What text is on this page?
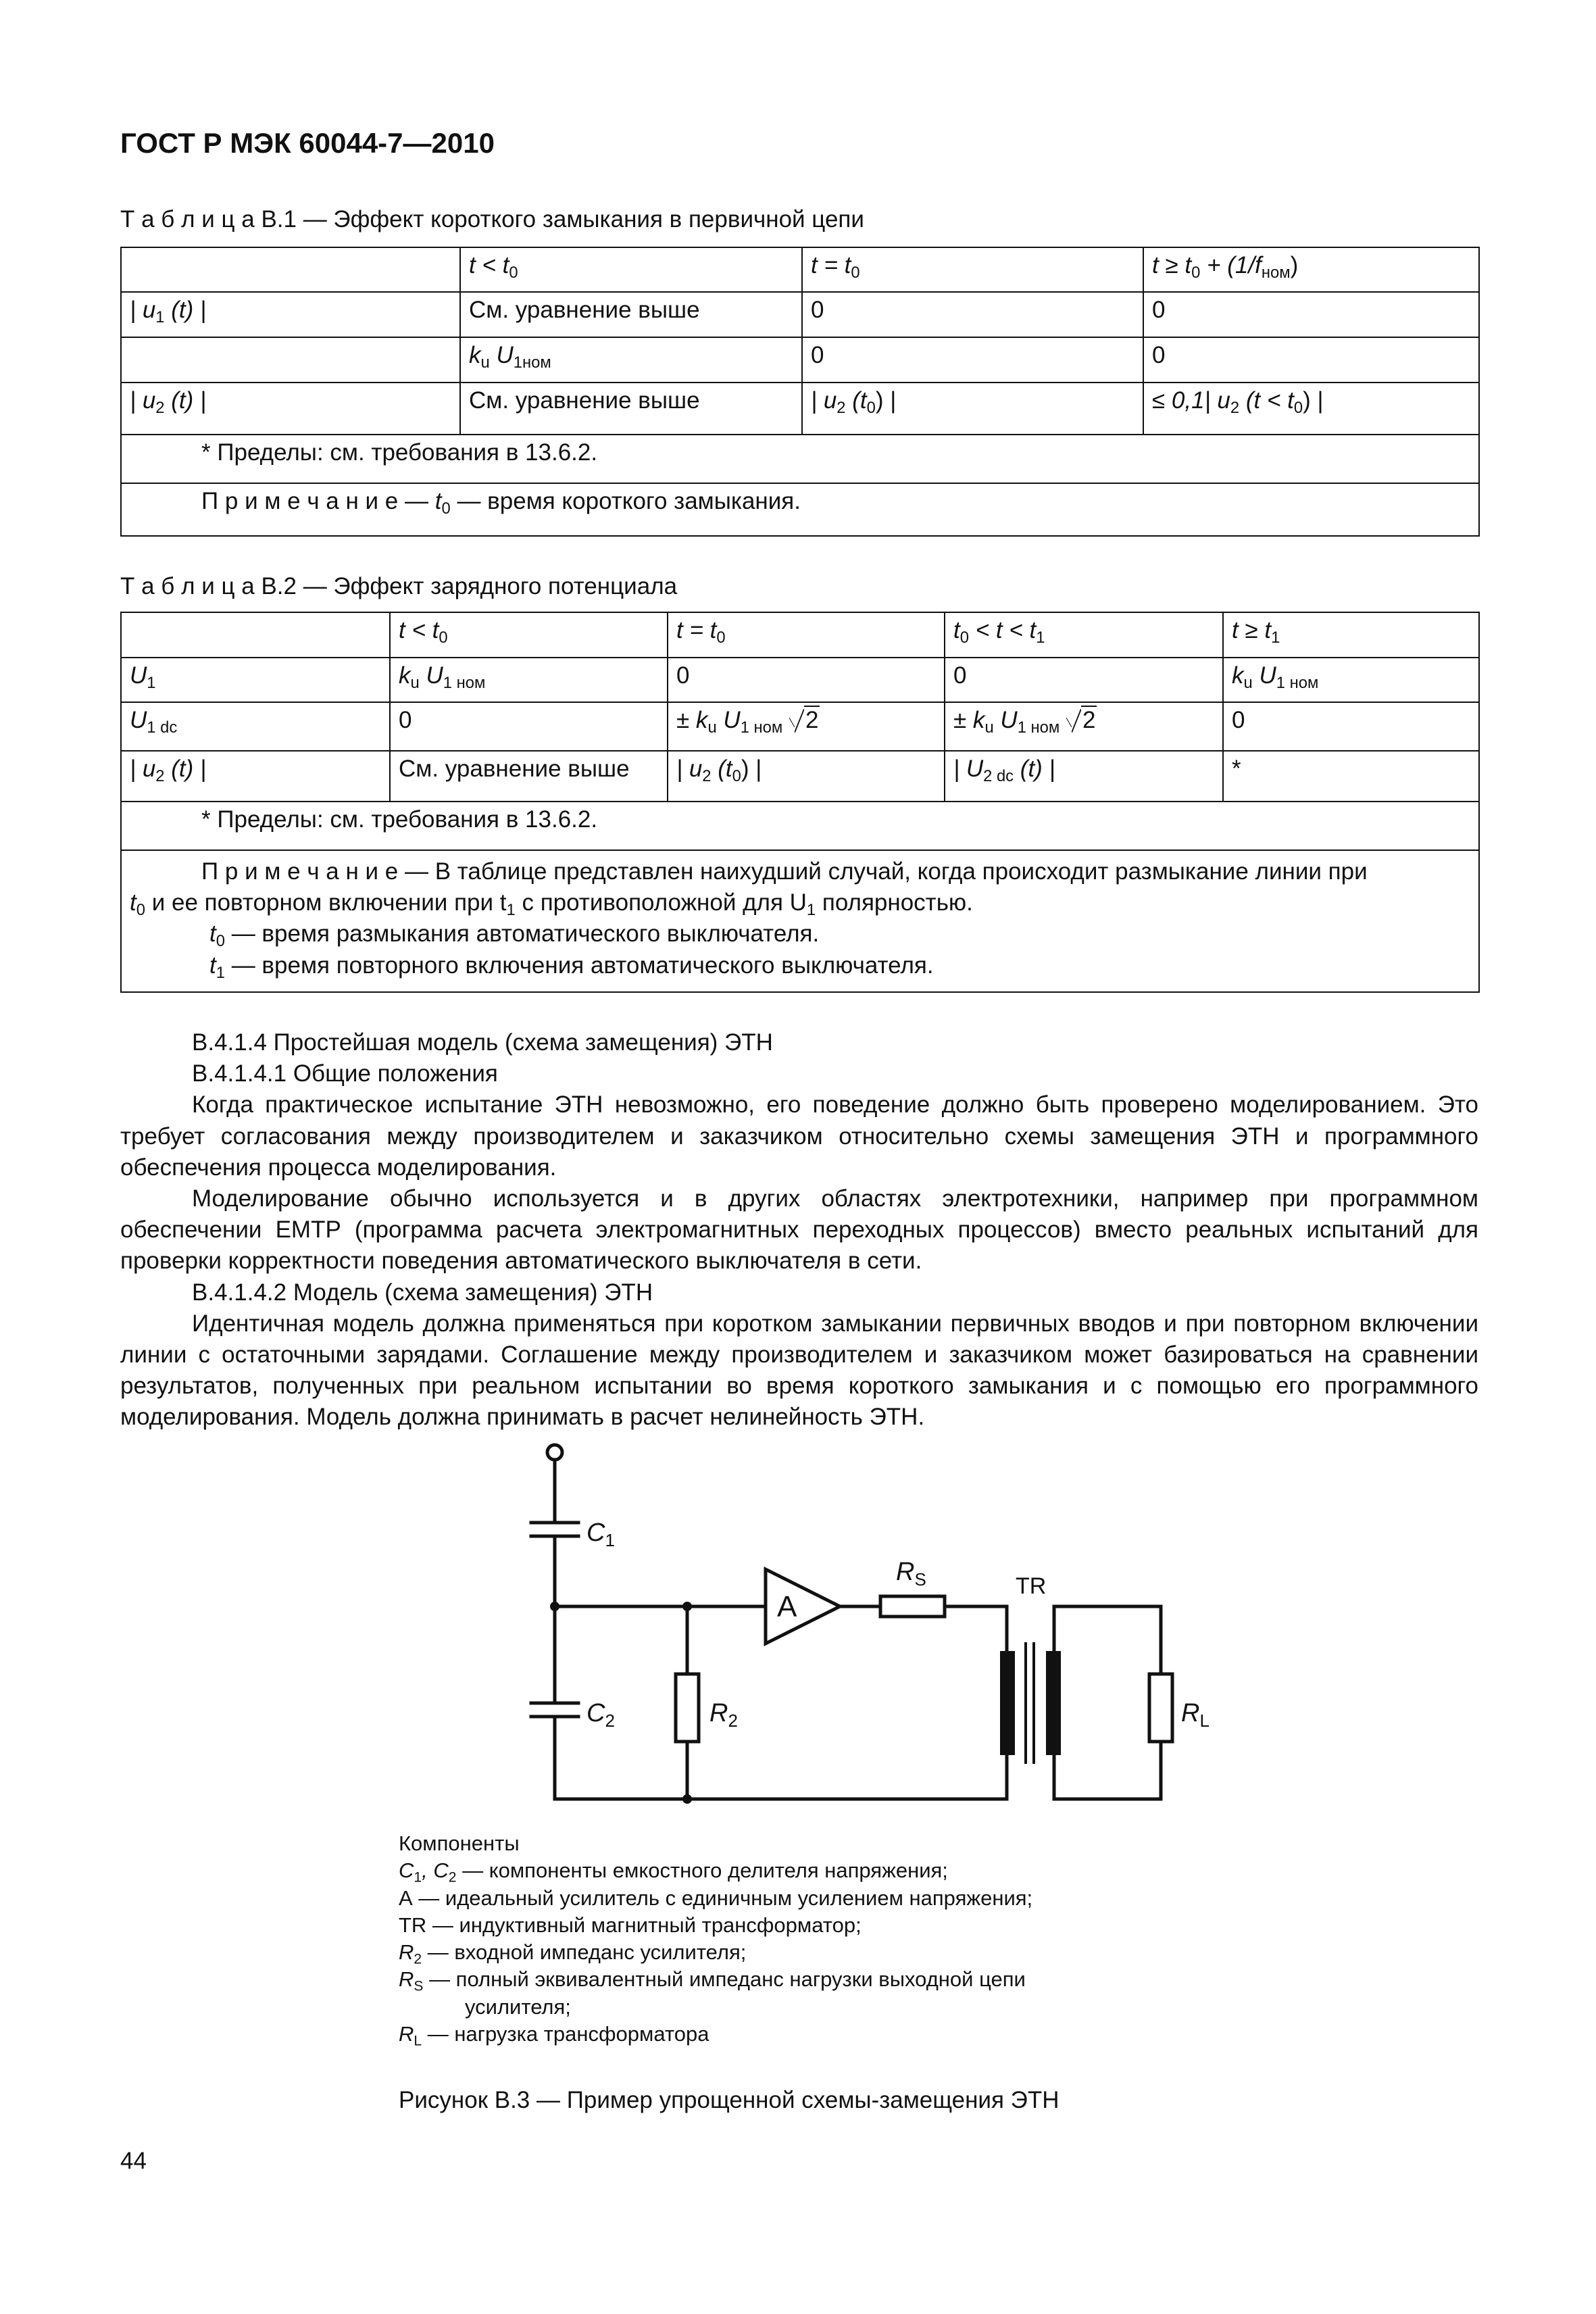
ГОСТ Р МЭК 60044-7—2010
Т а б л и ц а В.1 — Эффект короткого замыкания в первичной цепи
	$t < t_0$	$t = t_0$	$t \ge t_0 + (1/f_{ном})$
| $u_1$ (t) |	См. уравнение выше	0	0
	$k_u$ $U_{1ном}$	0	0
| $u_2$ (t) |	См. уравнение выше	| $u_2$ $(t_0)$ |	≤ 0,1| $u_2$ $(t < t_0)$ |
* Пределы: см. требования в 13.6.2.			
П р и м е ч а н и е — $t_0$ — время короткого замыкания.			
Т а б л и ц а В.2 — Эффект зарядного потенциала
	$t < t_0$	$t = t_0$	$t_0 < t < t_1$	$t \ge t_1$
$U_1$	$k_u$ $U_{1 ном}$	0	0	$k_u$ $U_{1 ном}$
$U_{1 dc}$	0	± $k_u$ $U_{1 ном}$ 2	± $k_u$ $U_{1 ном}$ 2	0
| $u_2$ (t) |	См. уравнение выше	| $u_2$ $(t_0)$ |	| $U_{2 dc}$ (t) |	*
* Пределы: см. требования в 13.6.2.				

П р и м е ч а н и е — В таблице представлен наихудший случай, когда происходит размыкание линии при
$t_0$ и ее повторном включении при $t_1$ с противоположной для $U_1$ полярностью.
$t_0$ — время размыкания автоматического выключателя.
$t_1$ — время повторного включения автоматического выключателя.				

В.4.1.4 Простейшая модель (схема замещения) ЭТН

В.4.1.4.1 Общие положения

Когда практическое испытание ЭТН невозможно, его поведение должно быть проверено моделированием. Это требует согласования между производителем и заказчиком относительно схемы замещения ЭТН и программного обеспечения процесса моделирования.

Моделирование обычно используется и в других областях электротехники, например при программном обеспечении ЕМТР (программа расчета электромагнитных переходных процессов) вместо реальных испытаний для проверки корректности поведения автоматического выключателя в сети.

В.4.1.4.2 Модель (схема замещения) ЭТН

Идентичная модель должна применяться при коротком замыкании первичных вводов и при повторном включении линии с остаточными зарядами. Соглашение между производителем и заказчиком может базироваться на сравнении результатов, полученных при реальном испытании во время короткого замыкания и с помощью его программного моделирования. Модель должна принимать в расчет нелинейность ЭТН.

$C_1$
$C_2$
A
$R_S$	TR
$R_2$	$R_L$
Компоненты
$C_1$, $C_2$ — компоненты емкостного делителя напряжения;
А — идеальный усилитель с единичным усилением напряжения;
TR — индуктивный магнитный трансформатор;
$R_2$ — входной импеданс усилителя;
$R_S$ — полный эквивалентный импеданс нагрузки выходной цепи
усилителя;
$R_L$ — нагрузка трансформатора
Рисунок В.3 — Пример упрощенной схемы-замещения ЭТН
44
